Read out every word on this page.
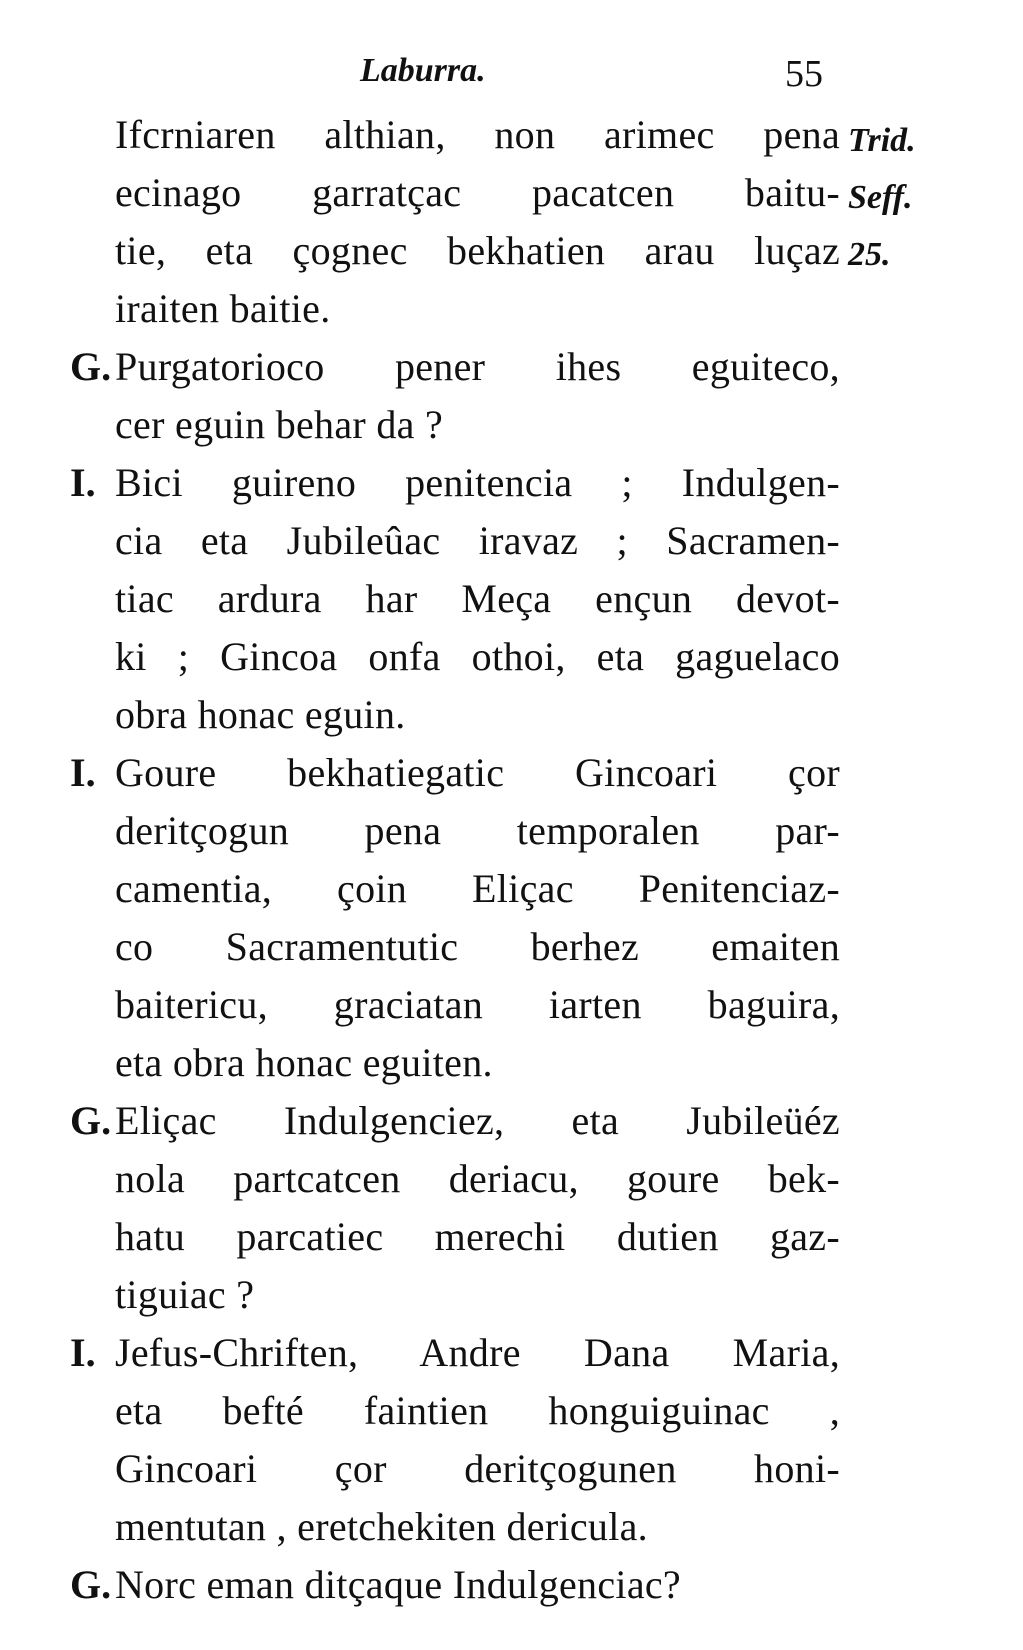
Laburra.	55
Trid.
Seff.
25.
Ifcrniaren althian, non arimec pena
ecinago garratçac pacatcen baitu-
tie, eta çognec bekhatien arau luçaz
iraiten baitie.
G. Purgatorioco pener ihes eguiteco,
cer eguin behar da ?
I. Bici guireno penitencia ; Indulgen-
cia eta Jubileûac iravaz ; Sacramen-
tiac ardura har Meça ençun devot-
ki ; Gincoa onfa othoi, eta gaguelaco
obra honac eguin.
I. Goure bekhatiegatic Gincoari çor
deritçogun pena temporalen par-
camentia, çoin Eliçac Penitenciaz-
co Sacramentutic berhez emaiten
baitericu, graciatan iarten baguira,
eta obra honac eguiten.
G. Eliçac Indulgenciez, eta Jubileüéz
nola partcatcen deriacu, goure bek-
hatu parcatiec merechi dutien gaz-
tiguiac ?
I. Jefus-Chriften, Andre Dana Maria,
eta befté faintien honguiguinac ,
Gincoari çor deritçogunen honi-
mentutan , eretchekiten dericula.
G. Norc eman ditçaque Indulgenciac?
